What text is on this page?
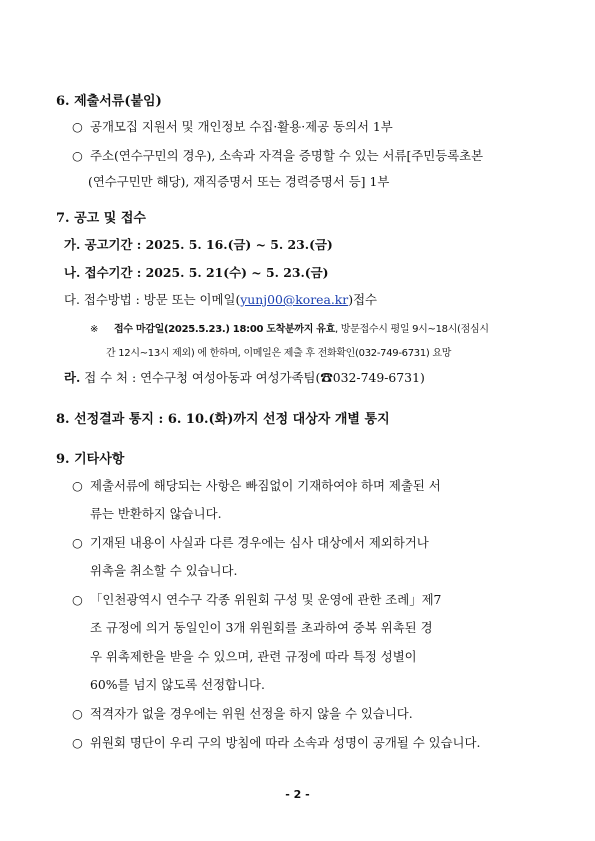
6. 제출서류(붙임)
○ 공개모집 지원서 및 개인정보 수집·활용·제공 동의서 1부
○ 주소(연수구민의 경우), 소속과 자격을 증명할 수 있는 서류[주민등록초본
(연수구민만 해당), 재직증명서 또는 경력증명서 등] 1부
7. 공고 및 접수
가. 공고기간 : 2025. 5. 16.(금) ~ 5. 23.(금)
나. 접수기간 : 2025. 5. 21(수) ~ 5. 23.(금)
다. 접수방법 : 방문 또는 이메일(yunj00@korea.kr)접수
※ 접수 마감일(2025.5.23.) 18:00 도착분까지 유효, 방문접수시 평일 9시~18시(점심시
간 12시~13시 제외) 에 한하며, 이메일은 제출 후 전화확인(032-749-6731) 요망
라. 접 수 처 : 연수구청 여성아동과 여성가족팀(☎032-749-6731)
8. 선정결과 통지 : 6. 10.(화)까지 선정 대상자 개별 통지
9. 기타사항
○ 제출서류에 해당되는 사항은 빠짐없이 기재하여야 하며 제출된 서
류는 반환하지 않습니다.
○ 기재된 내용이 사실과 다른 경우에는 심사 대상에서 제외하거나
위촉을 취소할 수 있습니다.
○ 「인천광역시 연수구 각종 위원회 구성 및 운영에 관한 조례」제7
조 규정에 의거 동일인이 3개 위원회를 초과하여 중복 위촉된 경
우 위촉제한을 받을 수 있으며, 관련 규정에 따라 특정 성별이
60%를 넘지 않도록 선정합니다.
○ 적격자가 없을 경우에는 위원 선정을 하지 않을 수 있습니다.
○ 위원회 명단이 우리 구의 방침에 따라 소속과 성명이 공개될 수 있습니다.
- 2 -
